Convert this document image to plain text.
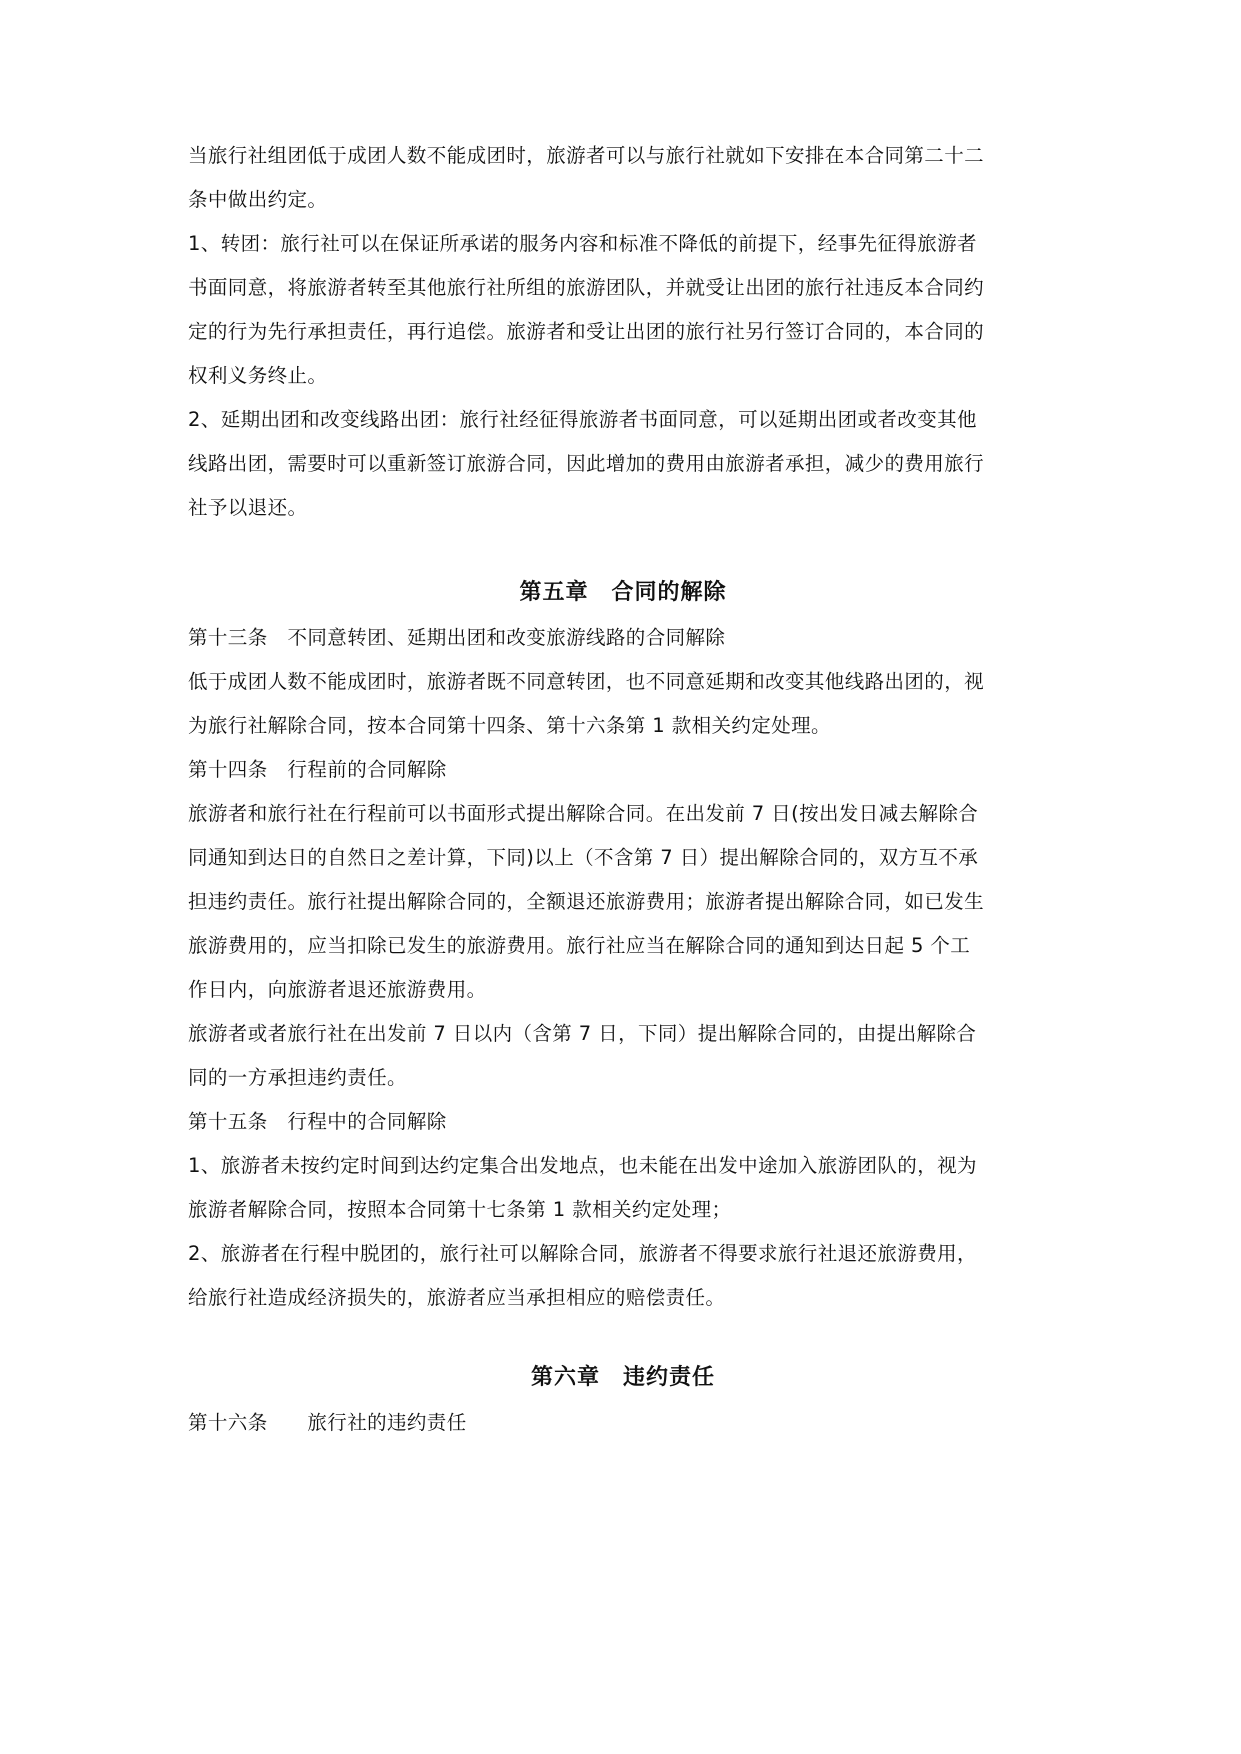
当旅行社组团低于成团人数不能成团时，旅游者可以与旅行社就如下安排在本合同第二十二
条中做出约定。
1、转团：旅行社可以在保证所承诺的服务内容和标准不降低的前提下，经事先征得旅游者
书面同意，将旅游者转至其他旅行社所组的旅游团队，并就受让出团的旅行社违反本合同约
定的行为先行承担责任，再行追偿。旅游者和受让出团的旅行社另行签订合同的，本合同的
权利义务终止。
2、延期出团和改变线路出团：旅行社经征得旅游者书面同意，可以延期出团或者改变其他
线路出团，需要时可以重新签订旅游合同，因此增加的费用由旅游者承担，减少的费用旅行
社予以退还。
第五章　合同的解除
第十三条　不同意转团、延期出团和改变旅游线路的合同解除
低于成团人数不能成团时，旅游者既不同意转团，也不同意延期和改变其他线路出团的，视
为旅行社解除合同，按本合同第十四条、第十六条第 1 款相关约定处理。
第十四条　行程前的合同解除
旅游者和旅行社在行程前可以书面形式提出解除合同。在出发前 7 日(按出发日减去解除合
同通知到达日的自然日之差计算，下同)以上（不含第 7 日）提出解除合同的，双方互不承
担违约责任。旅行社提出解除合同的，全额退还旅游费用；旅游者提出解除合同，如已发生
旅游费用的，应当扣除已发生的旅游费用。旅行社应当在解除合同的通知到达日起 5 个工
作日内，向旅游者退还旅游费用。
旅游者或者旅行社在出发前 7 日以内（含第 7 日，下同）提出解除合同的，由提出解除合
同的一方承担违约责任。
第十五条　行程中的合同解除
1、旅游者未按约定时间到达约定集合出发地点，也未能在出发中途加入旅游团队的，视为
旅游者解除合同，按照本合同第十七条第 1 款相关约定处理；
2、旅游者在行程中脱团的，旅行社可以解除合同，旅游者不得要求旅行社退还旅游费用，
给旅行社造成经济损失的，旅游者应当承担相应的赔偿责任。
第六章　违约责任
第十六条　　旅行社的违约责任
